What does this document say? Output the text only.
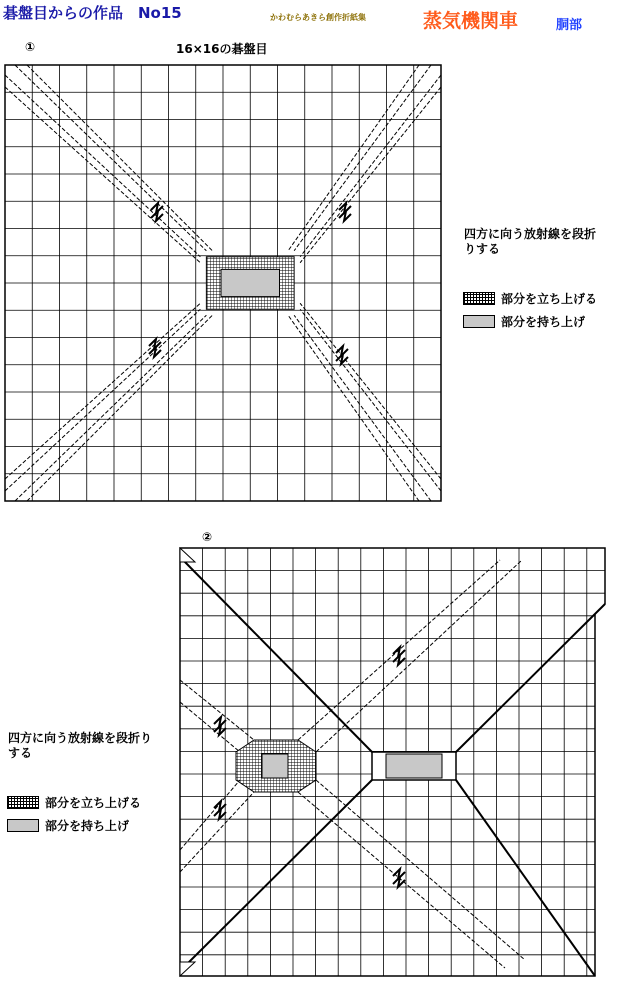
碁盤目からの作品　No15	かわむらあきら創作折紙集	蒸気機関車	胴部
①	16×16の碁盤目
四方に向う放射線を段折りする
部分を立ち上げる
部分を持ち上げ
②
四方に向う放射線を段折りする
部分を立ち上げる
部分を持ち上げ
